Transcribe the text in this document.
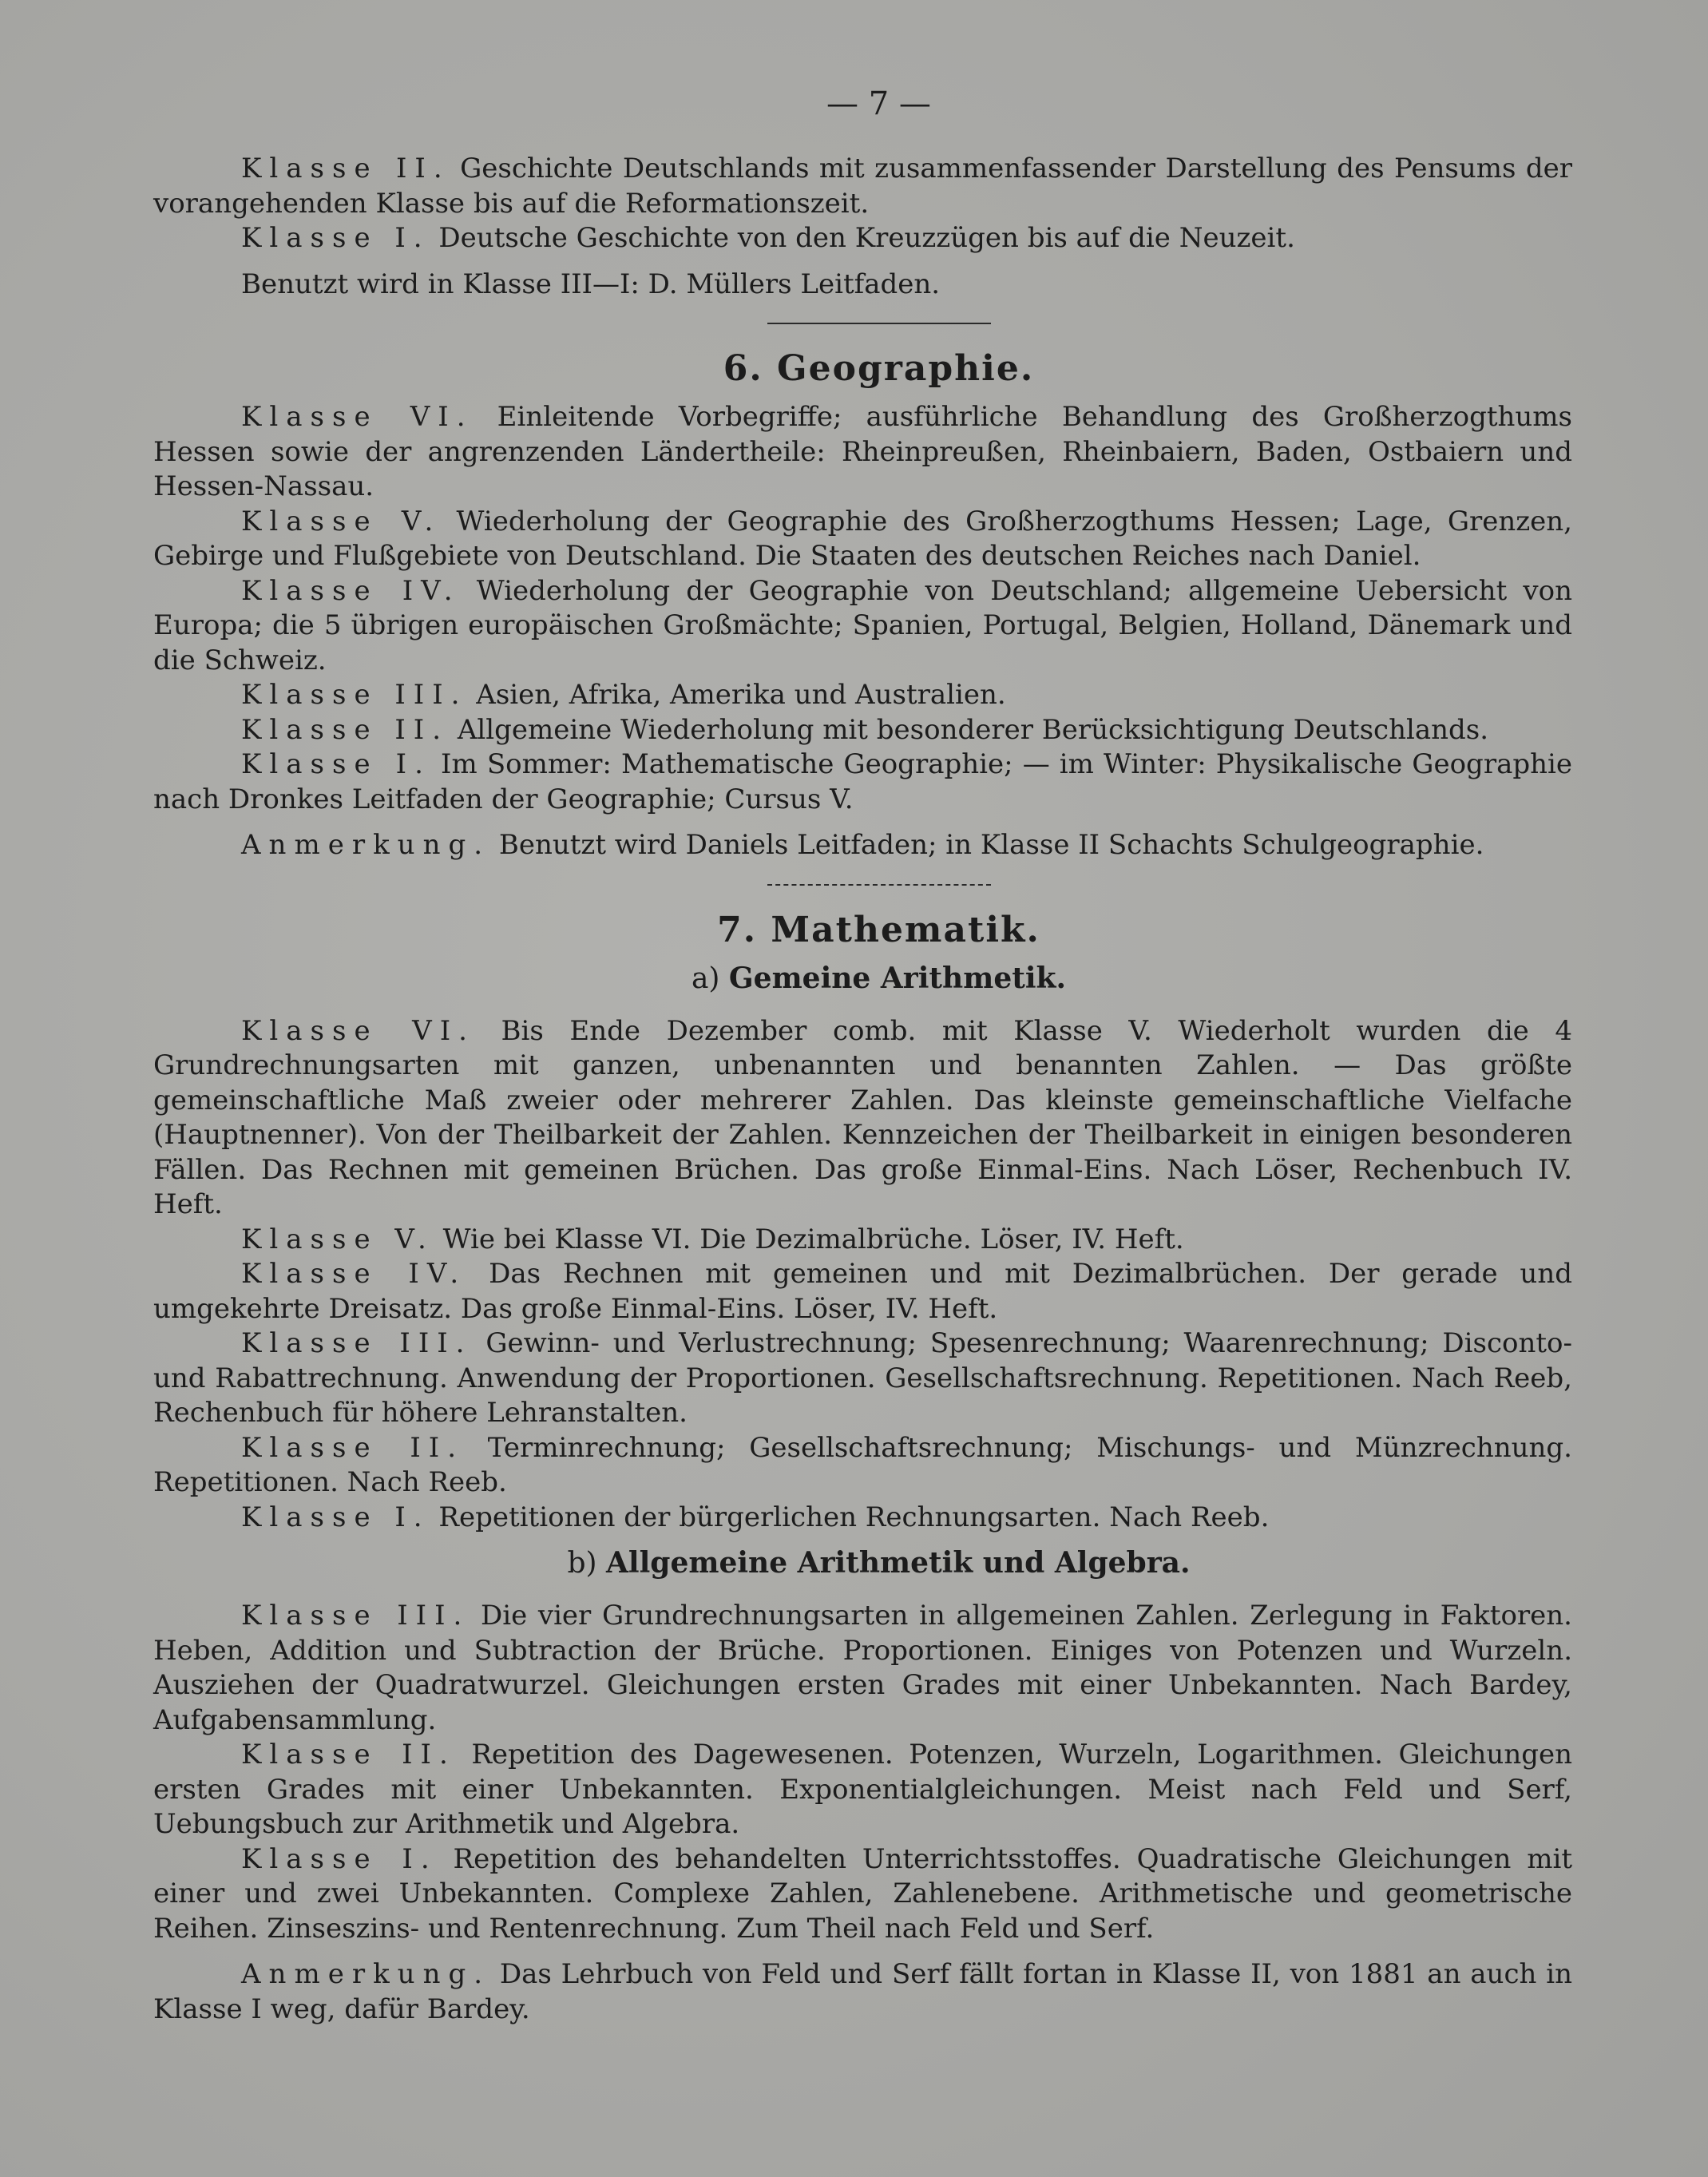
— 7 —

Klasse II. Geschichte Deutschlands mit zusammenfassender Darstellung des Pensums der vorangehenden Klasse bis auf die Reformationszeit.

Klasse I. Deutsche Geschichte von den Kreuzzügen bis auf die Neuzeit.

Benutzt wird in Klasse III—I: D. Müllers Leitfaden.

6. Geographie.

Klasse VI. Einleitende Vorbegriffe; ausführliche Behandlung des Großherzogthums Hessen sowie der angrenzenden Ländertheile: Rheinpreußen, Rheinbaiern, Baden, Ostbaiern und Hessen-Nassau.

Klasse V. Wiederholung der Geographie des Großherzogthums Hessen; Lage, Grenzen, Gebirge und Flußgebiete von Deutschland. Die Staaten des deutschen Reiches nach Daniel.

Klasse IV. Wiederholung der Geographie von Deutschland; allgemeine Uebersicht von Europa; die 5 übrigen europäischen Großmächte; Spanien, Portugal, Belgien, Holland, Dänemark und die Schweiz.

Klasse III. Asien, Afrika, Amerika und Australien.

Klasse II. Allgemeine Wiederholung mit besonderer Berücksichtigung Deutschlands.

Klasse I. Im Sommer: Mathematische Geographie; — im Winter: Physikalische Geographie nach Dronkes Leitfaden der Geographie; Cursus V.

Anmerkung. Benutzt wird Daniels Leitfaden; in Klasse II Schachts Schulgeographie.

7. Mathematik.
a) Gemeine Arithmetik.

Klasse VI. Bis Ende Dezember comb. mit Klasse V. Wiederholt wurden die 4 Grundrechnungsarten mit ganzen, unbenannten und benannten Zahlen. — Das größte gemeinschaftliche Maß zweier oder mehrerer Zahlen. Das kleinste gemeinschaftliche Vielfache (Hauptnenner). Von der Theilbarkeit der Zahlen. Kennzeichen der Theilbarkeit in einigen besonderen Fällen. Das Rechnen mit gemeinen Brüchen. Das große Einmal-Eins. Nach Löser, Rechenbuch IV. Heft.

Klasse V. Wie bei Klasse VI. Die Dezimalbrüche. Löser, IV. Heft.

Klasse IV. Das Rechnen mit gemeinen und mit Dezimalbrüchen. Der gerade und umgekehrte Dreisatz. Das große Einmal-Eins. Löser, IV. Heft.

Klasse III. Gewinn- und Verlustrechnung; Spesenrechnung; Waarenrechnung; Disconto- und Rabattrechnung. Anwendung der Proportionen. Gesellschaftsrechnung. Repetitionen. Nach Reeb, Rechenbuch für höhere Lehranstalten.

Klasse II. Terminrechnung; Gesellschaftsrechnung; Mischungs- und Münzrechnung. Repetitionen. Nach Reeb.

Klasse I. Repetitionen der bürgerlichen Rechnungsarten. Nach Reeb.

b) Allgemeine Arithmetik und Algebra.

Klasse III. Die vier Grundrechnungsarten in allgemeinen Zahlen. Zerlegung in Faktoren. Heben, Addition und Subtraction der Brüche. Proportionen. Einiges von Potenzen und Wurzeln. Ausziehen der Quadratwurzel. Gleichungen ersten Grades mit einer Unbekannten. Nach Bardey, Aufgabensammlung.

Klasse II. Repetition des Dagewesenen. Potenzen, Wurzeln, Logarithmen. Gleichungen ersten Grades mit einer Unbekannten. Exponentialgleichungen. Meist nach Feld und Serf, Uebungsbuch zur Arithmetik und Algebra.

Klasse I. Repetition des behandelten Unterrichtsstoffes. Quadratische Gleichungen mit einer und zwei Unbekannten. Complexe Zahlen, Zahlenebene. Arithmetische und geometrische Reihen. Zinseszins- und Rentenrechnung. Zum Theil nach Feld und Serf.

Anmerkung. Das Lehrbuch von Feld und Serf fällt fortan in Klasse II, von 1881 an auch in Klasse I weg, dafür Bardey.
